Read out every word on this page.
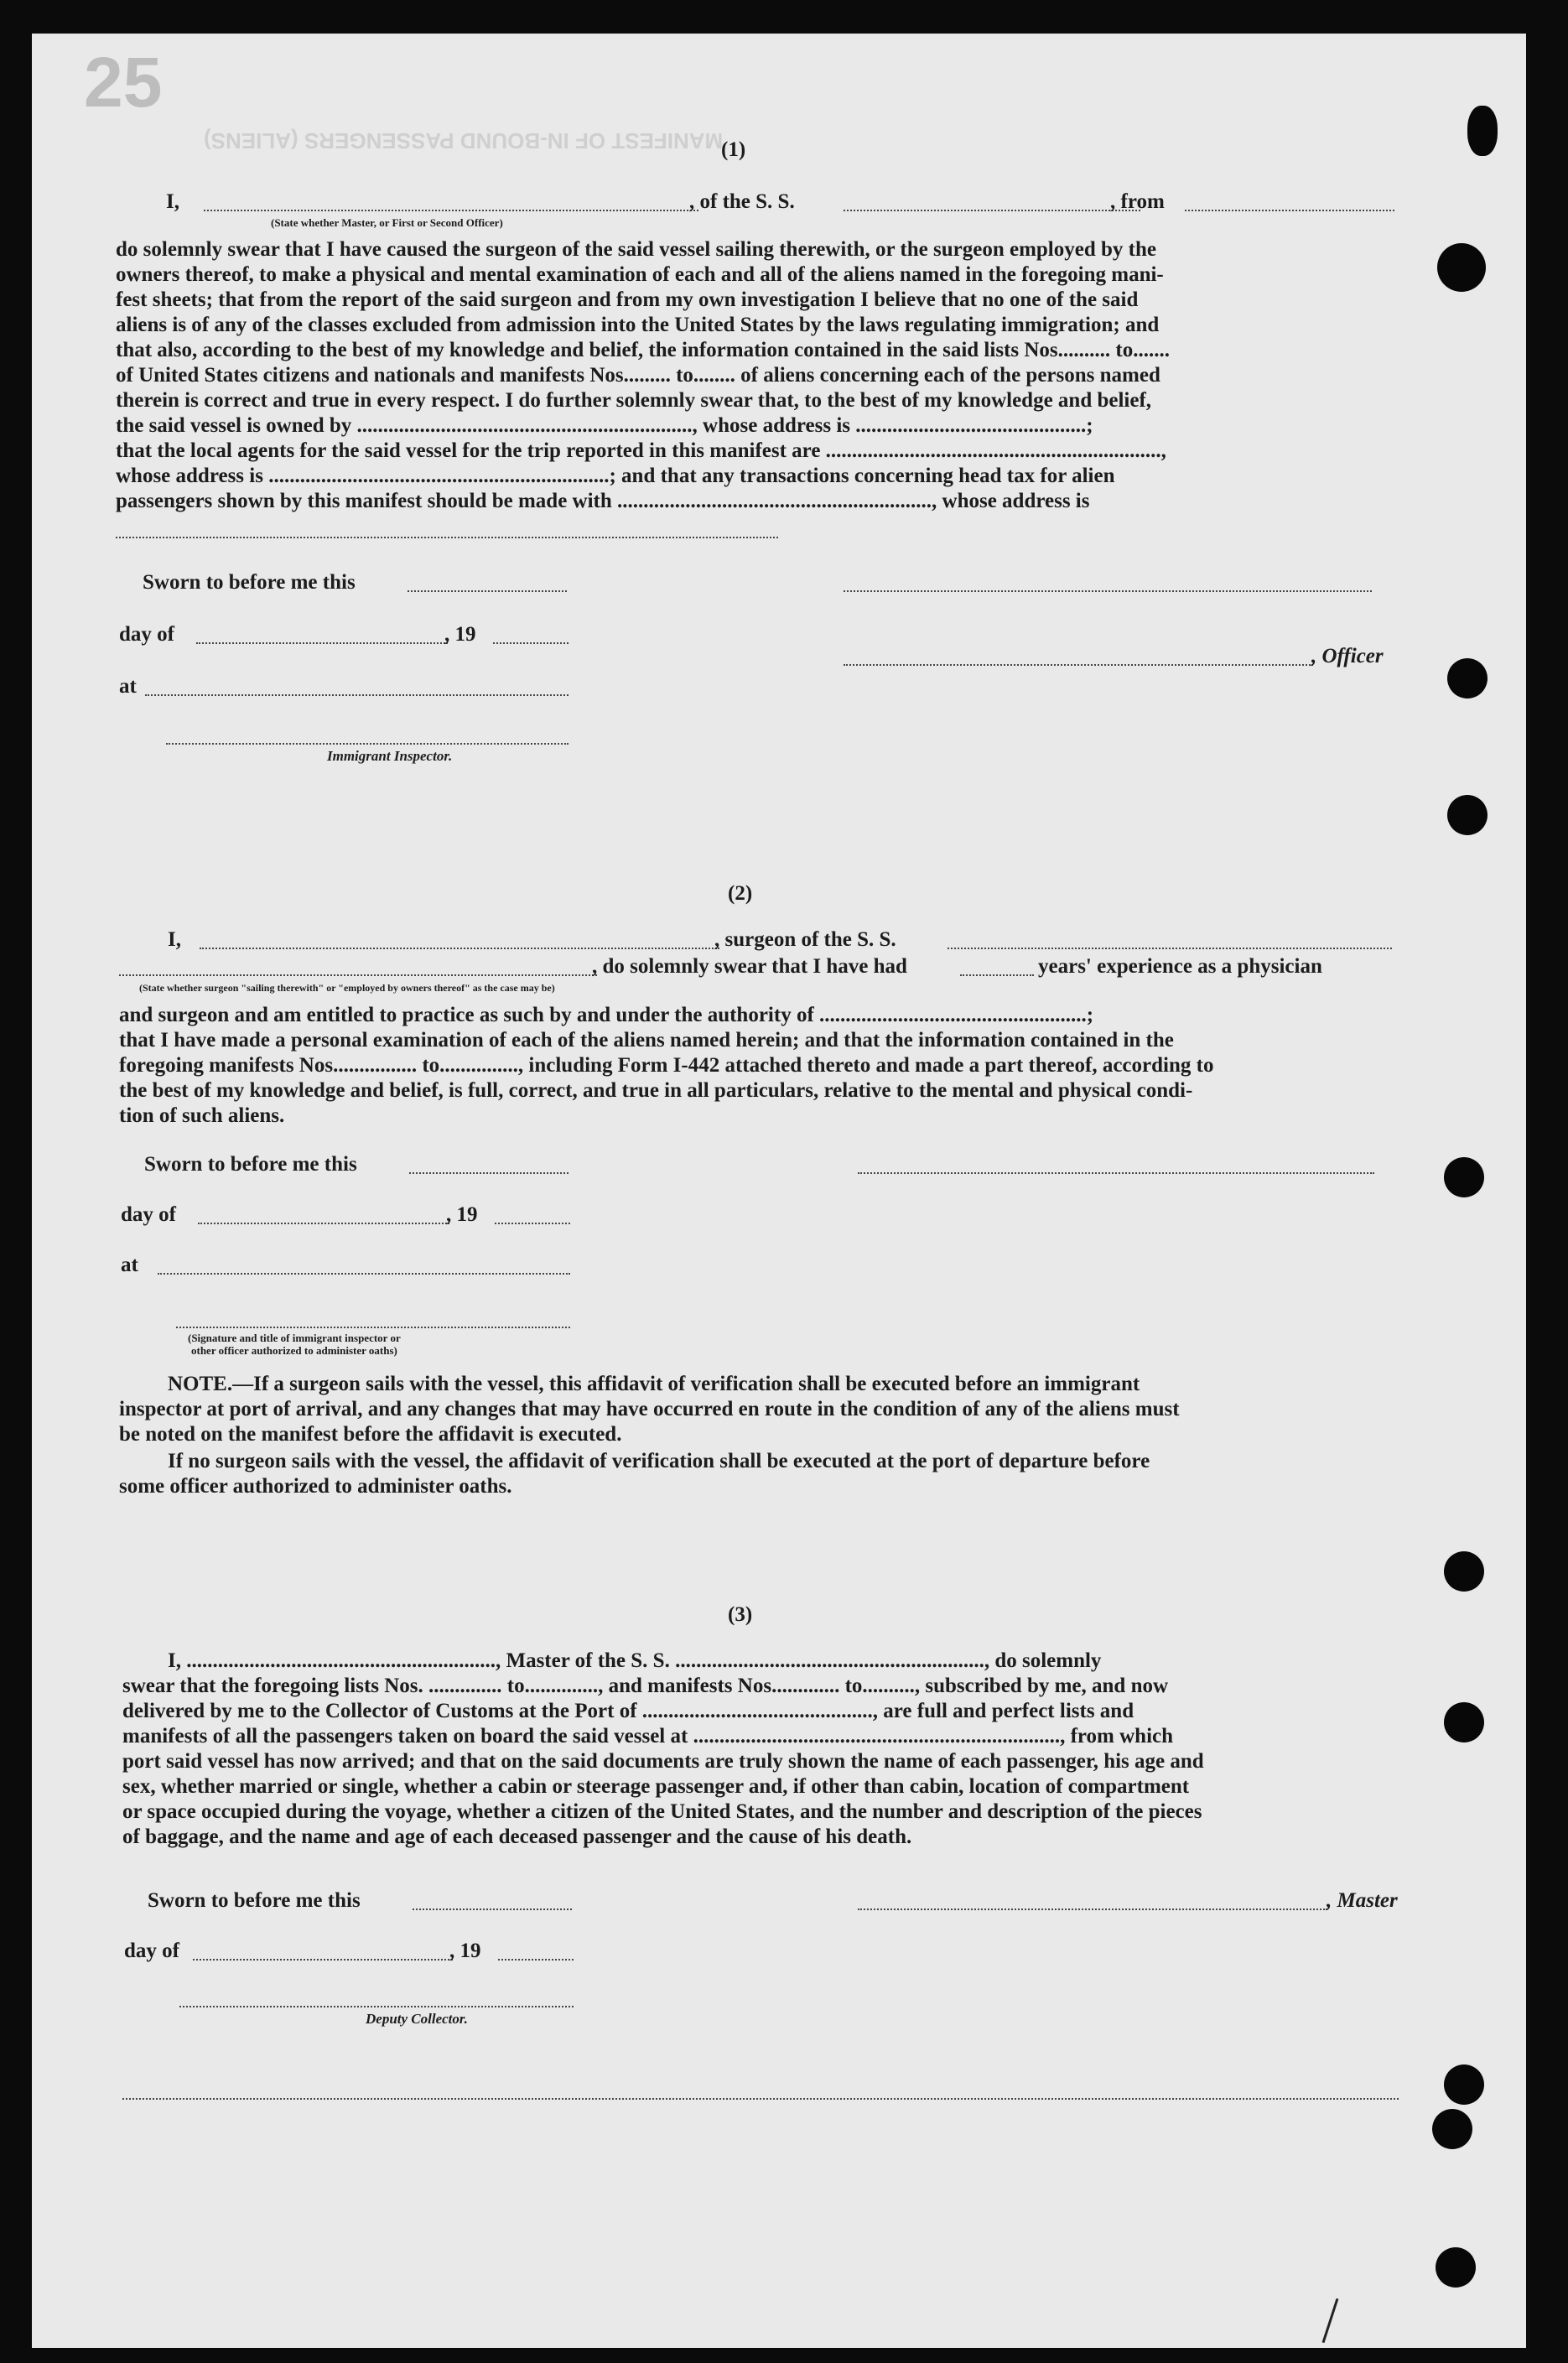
25
MANIFEST OF IN-BOUND PASSENGERS (ALIENS)
(1)
I,	, of the S. S.	, from
(State whether Master, or First or Second Officer)
do solemnly swear that I have caused the surgeon of the said vessel sailing therewith, or the surgeon employed by the
owners thereof, to make a physical and mental examination of each and all of the aliens named in the foregoing mani-
fest sheets; that from the report of the said surgeon and from my own investigation I believe that no one of the said
aliens is of any of the classes excluded from admission into the United States by the laws regulating immigration; and
that also, according to the best of my knowledge and belief, the information contained in the said lists Nos.......... to.......
of United States citizens and nationals and manifests Nos......... to........ of aliens concerning each of the persons named
therein is correct and true in every respect. I do further solemnly swear that, to the best of my knowledge and belief,
the said vessel is owned by ................................................................, whose address is ............................................;
that the local agents for the said vessel for the trip reported in this manifest are ................................................................,
whose address is .................................................................; and that any transactions concerning head tax for alien
passengers shown by this manifest should be made with ............................................................, whose address is
Sworn to before me this
day of	, 19
, Officer
at
Immigrant Inspector.
(2)
I,	, surgeon of the S. S.
, do solemnly swear that I have had	years' experience as a physician
(State whether surgeon "sailing therewith" or "employed by owners thereof" as the case may be)
and surgeon and am entitled to practice as such by and under the authority of ...................................................;
that I have made a personal examination of each of the aliens named herein; and that the information contained in the
foregoing manifests Nos................ to..............., including Form I-442 attached thereto and made a part thereof, according to
the best of my knowledge and belief, is full, correct, and true in all particulars, relative to the mental and physical condi-
tion of such aliens.
Sworn to before me this
day of	, 19
at
(Signature and title of immigrant inspector or
other officer authorized to administer oaths)
NOTE.—If a surgeon sails with the vessel, this affidavit of verification shall be executed before an immigrant
inspector at port of arrival, and any changes that may have occurred en route in the condition of any of the aliens must
be noted on the manifest before the affidavit is executed.
If no surgeon sails with the vessel, the affidavit of verification shall be executed at the port of departure before
some officer authorized to administer oaths.
(3)
I, ..........................................................., Master of the S. S. ..........................................................., do solemnly
swear that the foregoing lists Nos. .............. to.............., and manifests Nos............. to.........., subscribed by me, and now
delivered by me to the Collector of Customs at the Port of ............................................, are full and perfect lists and
manifests of all the passengers taken on board the said vessel at ......................................................................, from which
port said vessel has now arrived; and that on the said documents are truly shown the name of each passenger, his age and
sex, whether married or single, whether a cabin or steerage passenger and, if other than cabin, location of compartment
or space occupied during the voyage, whether a citizen of the United States, and the number and description of the pieces
of baggage, and the name and age of each deceased passenger and the cause of his death.
Sworn to before me this	, Master
day of	, 19
Deputy Collector.
